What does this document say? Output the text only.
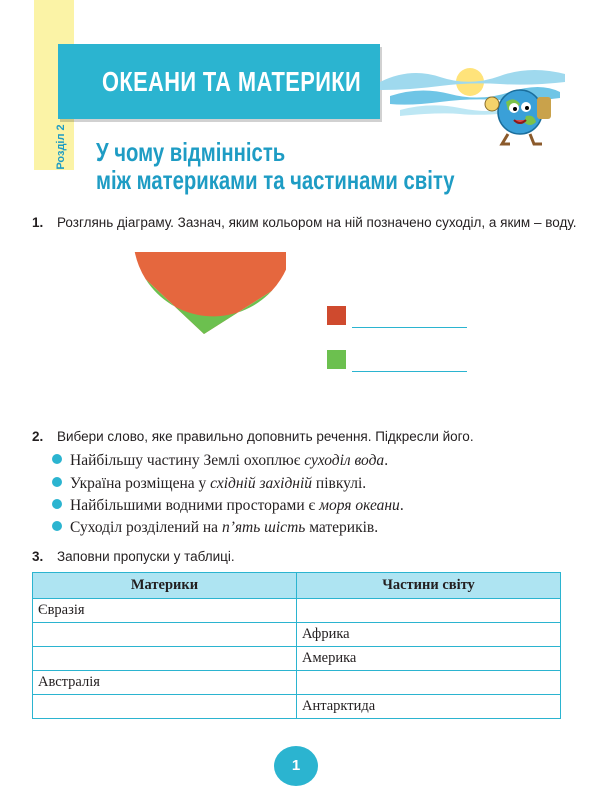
Розділ 2
ОКЕАНИ ТА МАТЕРИКИ
У чому відмінність
між материками та частинами світу
1. Розглянь діаграму. Зазнач, яким кольором на ній позначено суходіл, а яким – воду.
2. Вибери слово, яке правильно доповнить речення. Підкресли його.
Найбільшу частину Землі охоплює суходіл вода.
Україна розміщена у східній західній півкулі.
Найбільшими водними просторами є моря океани.
Суходіл розділений на п’ять шість материків.
3. Заповни пропуски у таблиці.
Материки	Частини світу
Євразія	
	Африка
	Америка
Австралія	
	Антарктида
1
